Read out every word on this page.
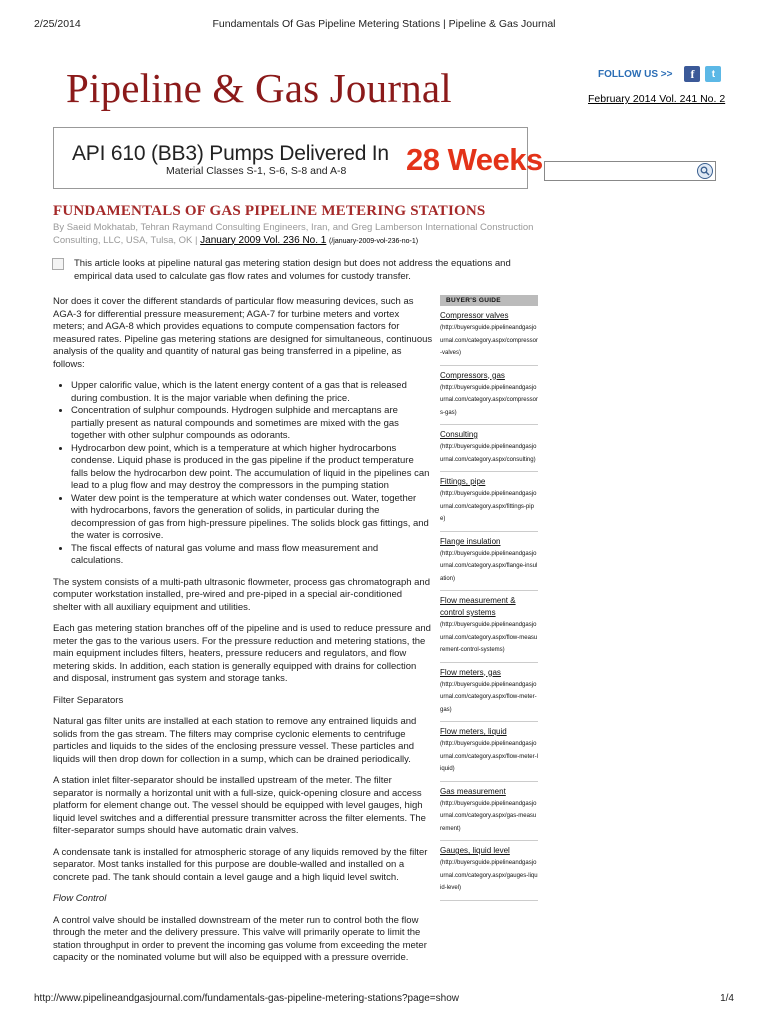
2/25/2014	Fundamentals Of Gas Pipeline Metering Stations | Pipeline & Gas Journal
Pipeline & Gas Journal	FOLLOW US >>	f	t
February 2014 Vol. 241 No. 2
API 610 (BB3) Pumps Delivered In
Material Classes S-1, S-6, S-8 and A-8 28 Weeks
FUNDAMENTALS OF GAS PIPELINE METERING STATIONS
By Saeid Mokhatab, Tehran Raymand Consulting Engineers, Iran, and Greg Lamberson International Construction Consulting, LLC, USA, Tulsa, OK | January 2009 Vol. 236 No. 1 (/january-2009-vol-236-no-1)

This article looks at pipeline natural gas metering station design but does not address the equations and empirical data used to calculate gas flow rates and volumes for custody transfer.

Nor does it cover the different standards of particular flow measuring devices, such as AGA-3 for differential pressure measurement; AGA-7 for turbine meters and vortex meters; and AGA-8 which provides equations to compute compensation factors for measured rates. Pipeline gas metering stations are designed for simultaneous, continuous analysis of the quality and quantity of natural gas being transferred in a pipeline, as follows:

• Upper calorific value, which is the latent energy content of a gas that is released during combustion. It is the major variable when defining the price.
• Concentration of sulphur compounds. Hydrogen sulphide and mercaptans are partially present as natural compounds and sometimes are mixed with the gas together with other sulphur compounds as odorants.
• Hydrocarbon dew point, which is a temperature at which higher hydrocarbons condense. Liquid phase is produced in the gas pipeline if the product temperature falls below the hydrocarbon dew point. The accumulation of liquid in the pipelines can lead to a plug flow and may destroy the compressors in the pumping station
• Water dew point is the temperature at which water condenses out. Water, together with hydrocarbons, favors the generation of solids, in particular during the decompression of gas from high-pressure pipelines. The solids block gas fittings, and the water is corrosive.
• The fiscal effects of natural gas volume and mass flow measurement and calculations.

The system consists of a multi-path ultrasonic flowmeter, process gas chromatograph and computer workstation installed, pre-wired and pre-piped in a special air-conditioned shelter with all auxiliary equipment and utilities.

Each gas metering station branches off of the pipeline and is used to reduce pressure and meter the gas to the various users. For the pressure reduction and metering stations, the main equipment includes filters, heaters, pressure reducers and regulators, and flow metering skids. In addition, each station is generally equipped with drains for collection and disposal, instrument gas system and storage tanks.

Filter Separators

Natural gas filter units are installed at each station to remove any entrained liquids and solids from the gas stream. The filters may comprise cyclonic elements to centrifuge particles and liquids to the sides of the enclosing pressure vessel. These particles and liquids will then drop down for collection in a sump, which can be drained periodically.

A station inlet filter-separator should be installed upstream of the meter. The filter separator is normally a horizontal unit with a full-size, quick-opening closure and access platform for element change out. The vessel should be equipped with level gauges, high liquid level switches and a differential pressure transmitter across the filter elements. The filter-separator sumps should have automatic drain valves.

A condensate tank is installed for atmospheric storage of any liquids removed by the filter separator. Most tanks installed for this purpose are double-walled and installed on a concrete pad. The tank should contain a level gauge and a high liquid level switch.

Flow Control

A control valve should be installed downstream of the meter run to control both the flow through the meter and the delivery pressure. This valve will primarily operate to limit the station throughput in order to prevent the incoming gas volume from exceeding the meter capacity or the nominated volume but will also be equipped with a pressure override.

BUYER'S GUIDE
Compressor valves
(http://buyersguide.pipelineandgasjournal.com/category.aspx/compressor-valves)
Compressors, gas
(http://buyersguide.pipelineandgasjournal.com/category.aspx/compressors-gas)
Consulting
(http://buyersguide.pipelineandgasjournal.com/category.aspx/consulting)
Fittings, pipe
(http://buyersguide.pipelineandgasjournal.com/category.aspx/fittings-pipe)
Flange insulation
(http://buyersguide.pipelineandgasjournal.com/category.aspx/flange-insulation)
Flow measurement & control systems
(http://buyersguide.pipelineandgasjournal.com/category.aspx/flow-measurement-control-systems)
Flow meters, gas
(http://buyersguide.pipelineandgasjournal.com/category.aspx/flow-meter-gas)
Flow meters, liquid
(http://buyersguide.pipelineandgasjournal.com/category.aspx/flow-meter-liquid)
Gas measurement
(http://buyersguide.pipelineandgasjournal.com/category.aspx/gas-measurement)
Gauges, liquid level
(http://buyersguide.pipelineandgasjournal.com/category.aspx/gauges-liquid-level)
http://www.pipelineandgasjournal.com/fundamentals-gas-pipeline-metering-stations?page=show	1/4
